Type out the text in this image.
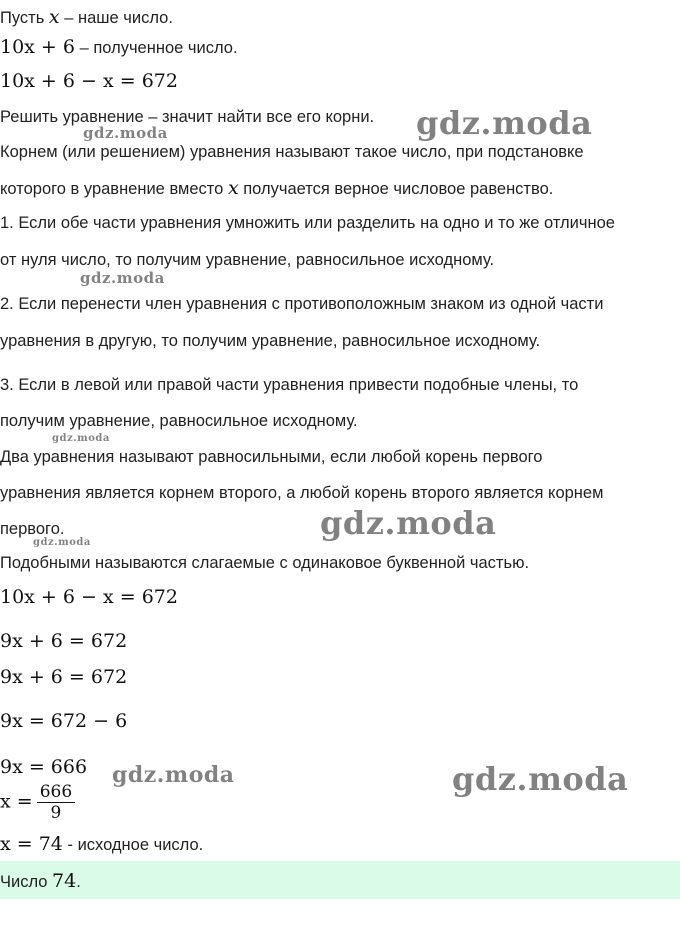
Пусть x – наше число.

10x + 6 – полученное число.

10x + 6 − x = 672

Решить уравнение – значит найти все его корни.

Корнем (или решением) уравнения называют такое число, при подстановке

которого в уравнение вместо x получается верное числовое равенство.

1. Если обе части уравнения умножить или разделить на одно и то же отличное

от нуля число, то получим уравнение, равносильное исходному.

2. Если перенести член уравнения с противоположным знаком из одной части

уравнения в другую, то получим уравнение, равносильное исходному.

3. Если в левой или правой части уравнения привести подобные члены, то

получим уравнение, равносильное исходному.

Два уравнения называют равносильными, если любой корень первого

уравнения является корнем второго, а любой корень второго является корнем

первого.

Подобными называются слагаемые с одинаковое буквенной частью.

10x + 6 − x = 672

9x + 6 = 672

9x + 6 = 672

9x = 672 − 6

9x = 666

$x = \frac{666}{9}$

x = 74 - исходное число.

Число 74.

gdz.moda
gdz.moda
gdz.moda
gdz.moda
gdz.moda
gdz.moda
gdz.moda	gdz.moda
